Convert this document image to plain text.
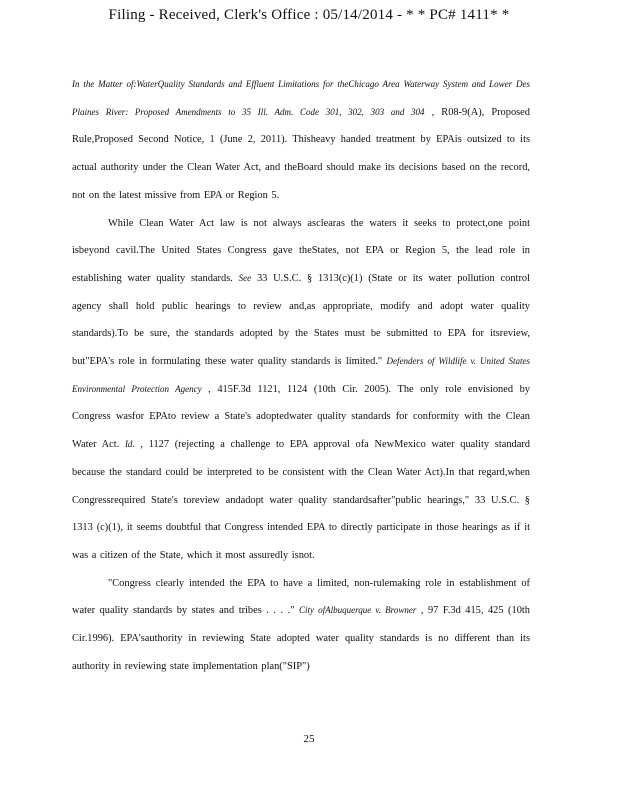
Filing - Received, Clerk's Office : 05/14/2014 - * * PC# 1411* *

In the Matter of:WaterQuality Standards and Effluent Limitations for theChicago Area Waterway System and Lower Des Plaines River: Proposed Amendments to 35 Ill. Adm. Code 301, 302, 303 and 304 , R08-9(A), Proposed Rule,Proposed Second Notice, 1 (June 2, 2011). Thisheavy handed treatment by EPAis outsized to its actual authority under the Clean Water Act, and theBoard should make its decisions based on the record, not on the latest missive from EPA or Region 5.

While Clean Water Act law is not always asclearas the waters it seeks to protect,one point isbeyond cavil.The United States Congress gave theStates, not EPA or Region 5, the lead role in establishing water quality standards. See 33 U.S.C. § 1313(c)(1) (State or its water pollution control agency shall hold public hearings to review and,as appropriate, modify and adopt water quality standards).To be sure, the standards adopted by the States must be submitted to EPA for itsreview, but"EPA's role in formulating these water quality standards is limited." Defenders of Wildlife v. United States Environmental Protection Agency , 415F.3d 1121, 1124 (10th Cir. 2005). The only role envisioned by Congress wasfor EPAto review a State's adoptedwater quality standards for conformity with the Clean Water Act. Id. , 1127 (rejecting a challenge to EPA approval ofa NewMexico water quality standard because the standard could be interpreted to be consistent with the Clean Water Act).In that regard,when Congressrequired State's toreview andadopt water quality standardsafter"public hearings," 33 U.S.C. § 1313 (c)(1), it seems doubtful that Congress intended EPA to directly participate in those hearings as if it was a citizen of the State, which it most assuredly isnot.

"Congress clearly intended the EPA to have a limited, non-rulemaking role in establishment of water quality standards by states and tribes . . . ." City ofAlbuquerque v. Browner , 97 F.3d 415, 425 (10th Cir.1996). EPA'sauthority in reviewing State adopted water quality standards is no different than its authority in reviewing state implementation plan("SIP")

25
